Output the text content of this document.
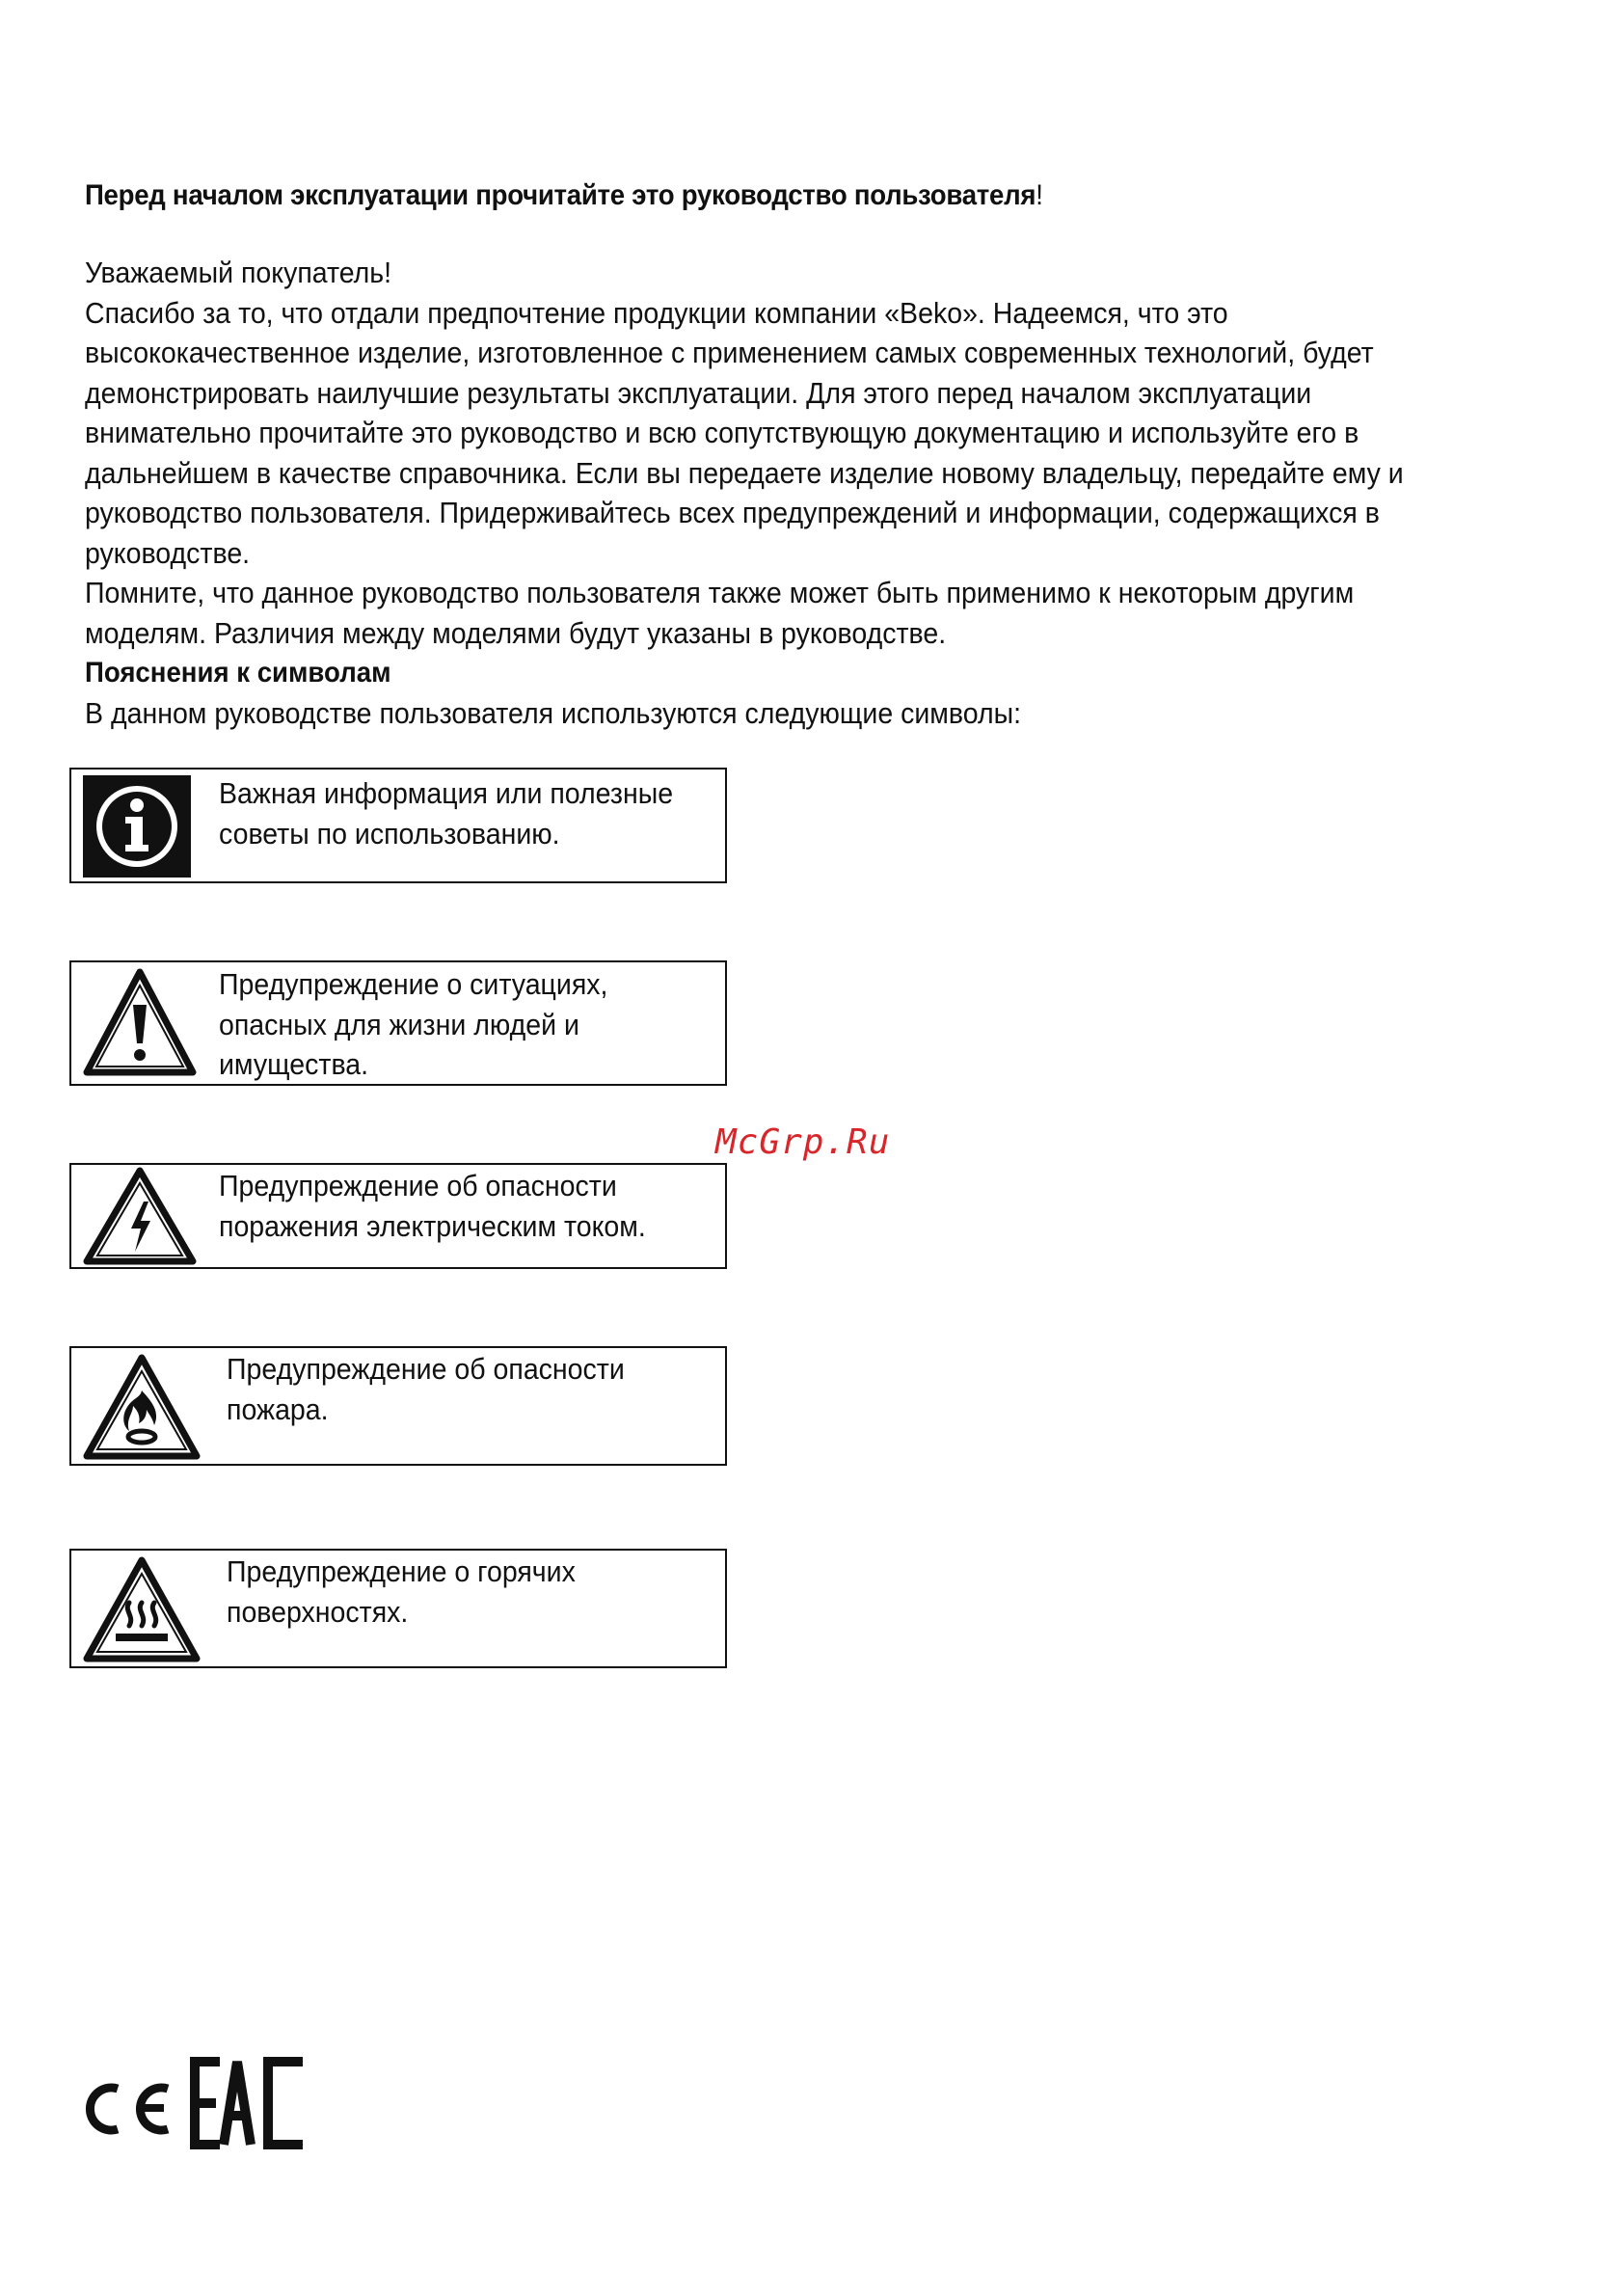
Перед началом эксплуатации прочитайте это руководство пользователя!

Уважаемый покупатель!

Спасибо за то, что отдали предпочтение продукции компании «Beko». Надеемся, что это

высококачественное изделие, изготовленное с применением самых современных технологий, будет

демонстрировать наилучшие результаты эксплуатации. Для этого перед началом эксплуатации

внимательно прочитайте это руководство и всю сопутствующую документацию и используйте его в

дальнейшем в качестве справочника. Если вы передаете изделие новому владельцу, передайте ему и

руководство пользователя. Придерживайтесь всех предупреждений и информации, содержащихся в

руководстве.

Помните, что данное руководство пользователя также может быть применимо к некоторым другим

моделям. Различия между моделями будут указаны в руководстве.

Пояснения к символам
В данном руководстве пользователя используются следующие символы:
Важная информация или полезные
советы по использованию.
Предупреждение о ситуациях,
опасных для жизни людей и
имущества.
Предупреждение об опасности
поражения электрическим током.
Предупреждение об опасности
пожара.
Предупреждение о горячих
поверхностях.
McGrp.Ru
